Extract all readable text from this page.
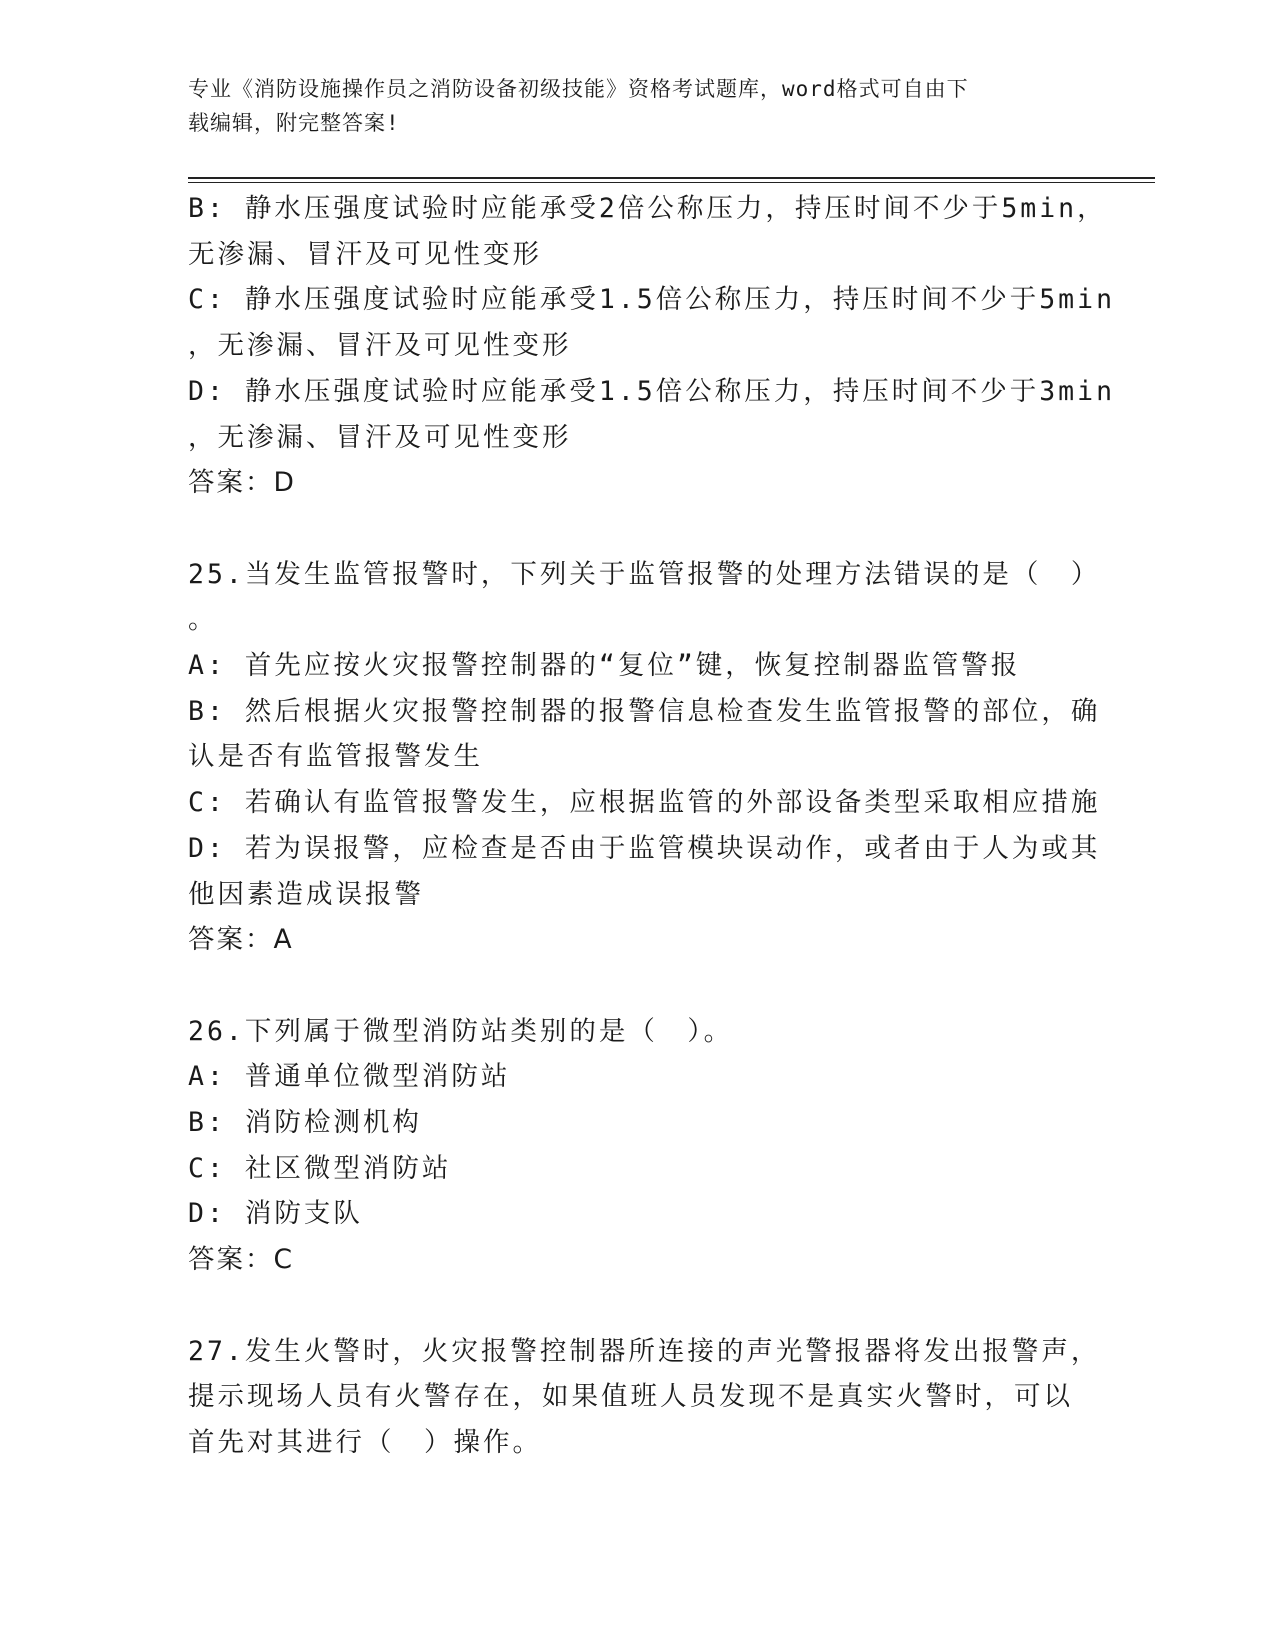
专业《消防设施操作员之消防设备初级技能》资格考试题库，word格式可自由下
载编辑，附完整答案!
B: 静水压强度试验时应能承受2倍公称压力，持压时间不少于5min，
无渗漏、冒汗及可见性变形
C: 静水压强度试验时应能承受1.5倍公称压力，持压时间不少于5min
，无渗漏、冒汗及可见性变形
D: 静水压强度试验时应能承受1.5倍公称压力，持压时间不少于3min
，无渗漏、冒汗及可见性变形
答案：D
25.当发生监管报警时，下列关于监管报警的处理方法错误的是（　）
。
A: 首先应按火灾报警控制器的“复位”键，恢复控制器监管警报
B: 然后根据火灾报警控制器的报警信息检查发生监管报警的部位，确
认是否有监管报警发生
C: 若确认有监管报警发生，应根据监管的外部设备类型采取相应措施
D: 若为误报警，应检查是否由于监管模块误动作，或者由于人为或其
他因素造成误报警
答案：A
26.下列属于微型消防站类别的是（　）。
A: 普通单位微型消防站
B: 消防检测机构
C: 社区微型消防站
D: 消防支队
答案：C
27.发生火警时，火灾报警控制器所连接的声光警报器将发出报警声，
提示现场人员有火警存在，如果值班人员发现不是真实火警时，可以
首先对其进行（　）操作。
